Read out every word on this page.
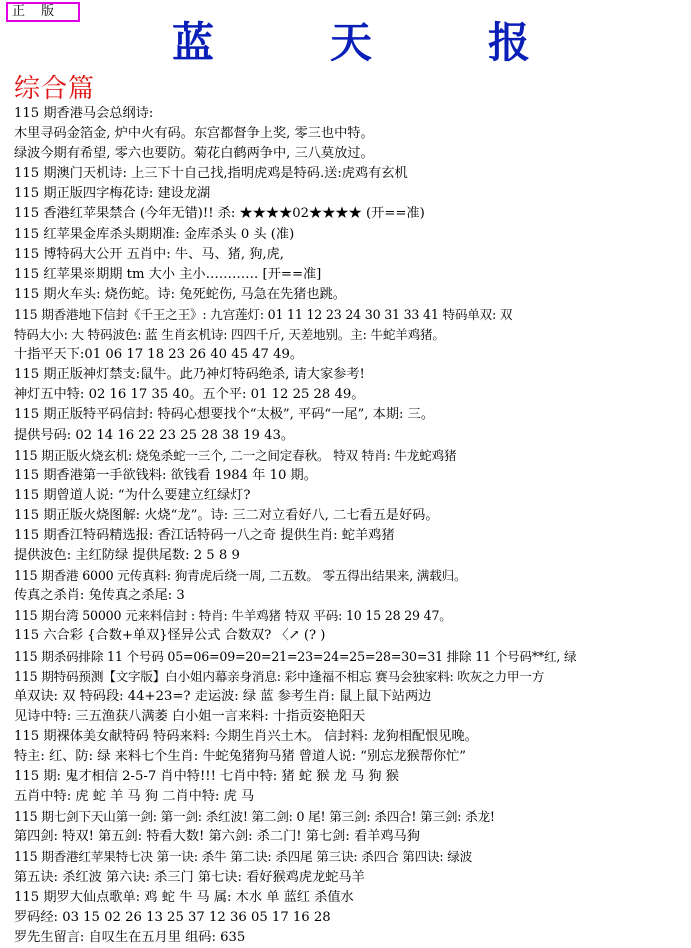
正 版
蓝	天	报
综合篇
115 期香港马会总纲诗:
木里寻码金箔金, 炉中火有码。东宫都督争上奖, 零三也中特。
绿波今期有希望, 零六也要防。菊花白鹤两争中, 三八莫放过。
115 期澳门天机诗: 上三下十自己找,指明虎鸡是特码.送:虎鸡有玄机
115 期正版四字梅花诗: 建设龙湖
115 香港红苹果禁合 (今年无错)!! 杀: ★★★★02★★★★ (开==准)
115 红苹果金库杀头期期准: 金库杀头 0 头 (准)
115 博特码大公开 五肖中: 牛、马、猪, 狗,虎,
115 红苹果※期期 tm 大小 主小………… [开==准]
115 期火车头: 烧伤蛇。诗: 兔死蛇伤, 马急在先猪也跳。
115 期香港地下信封《千王之王》: 九宫莲灯: 01 11 12 23 24 30 31 33 41 特码单双: 双
特码大小: 大 特码波色: 蓝 生肖玄机诗: 四四千斤, 天差地别。主: 牛蛇羊鸡猪。
十指平天下:01 06 17 18 23 26 40 45 47 49。
115 期正版神灯禁支:鼠牛。此乃神灯特码绝杀, 请大家参考!
神灯五中特: 02 16 17 35 40。五个平: 01 12 25 28 49。
115 期正版特平码信封: 特码心想要找个“太极”, 平码“一尾”, 本期: 三。
提供号码: 02 14 16 22 23 25 28 38 19 43。
115 期正版火烧玄机: 烧兔杀蛇一三个, 二一之间定春秋。 特双 特肖: 牛龙蛇鸡猪
115 期香港第一手欲钱料: 欲钱看 1984 年 10 期。
115 期曾道人说: “为什么要建立红绿灯?
115 期正版火烧图解: 火烧“龙”。诗: 三二对立看好八, 二七看五是好码。
115 期香江特码精选报: 香江话特码一八之奇 提供生肖: 蛇羊鸡猪
提供波色: 主红防绿 提供尾数: 2 5 8 9
115 期香港 6000 元传真料: 狗青虎后绕一周, 二五数。 零五得出结果来, 满载归。
传真之杀肖: 兔传真之杀尾: 3
115 期台湾 50000 元来料信封 : 特肖: 牛羊鸡猪 特双 平码: 10 15 28 29 47。
115 六合彩 {合数+单双}怪异公式 合数双? 〈↗ (? )
115 期杀码排除 11 个号码 05=06=09=20=21=23=24=25=28=30=31 排除 11 个号码**红, 绿
115 期特码预测【文字版】白小姐内幕亲身消息: 彩中逢福不相忘 赛马会独家料: 吹灰之力甲一方
单双诀: 双 特码段: 44+23=? 走运波: 绿 蓝 参考生肖: 鼠上鼠下站两边
见诗中特: 三五渔获八满萎 白小姐一言来料: 十指贡姿艳阳天
115 期裸体美女献特码 特码来料: 今期生肖兴土木。 信封料: 龙狗相配恨见晚。
特主: 红、防: 绿 来料七个生肖: 牛蛇兔猪狗马猪 曾道人说: “别忘龙猴帮你忙”
115 期: 鬼才相信 2-5-7 肖中特!!! 七肖中特: 猪 蛇 猴 龙 马 狗 猴
五肖中特: 虎 蛇 羊 马 狗 二肖中特: 虎 马
115 期七剑下天山第一剑: 第一剑: 杀红波! 第二剑: 0 尾! 第三剑: 杀四合! 第三剑: 杀龙!
第四剑: 特双! 第五剑: 特看大数! 第六剑: 杀二门! 第七剑: 看羊鸡马狗
115 期香港红苹果特七决 第一诀: 杀牛 第二诀: 杀四尾 第三诀: 杀四合 第四诀: 绿波
第五诀: 杀红波 第六诀: 杀三门 第七诀: 看好猴鸡虎龙蛇马羊
115 期罗大仙点歌单: 鸡 蛇 牛 马 属: 木水 单 蓝红 杀值水
罗码经: 03 15 02 26 13 25 37 12 36 05 17 16 28
罗先生留言: 自叹生在五月里 组码: 635
